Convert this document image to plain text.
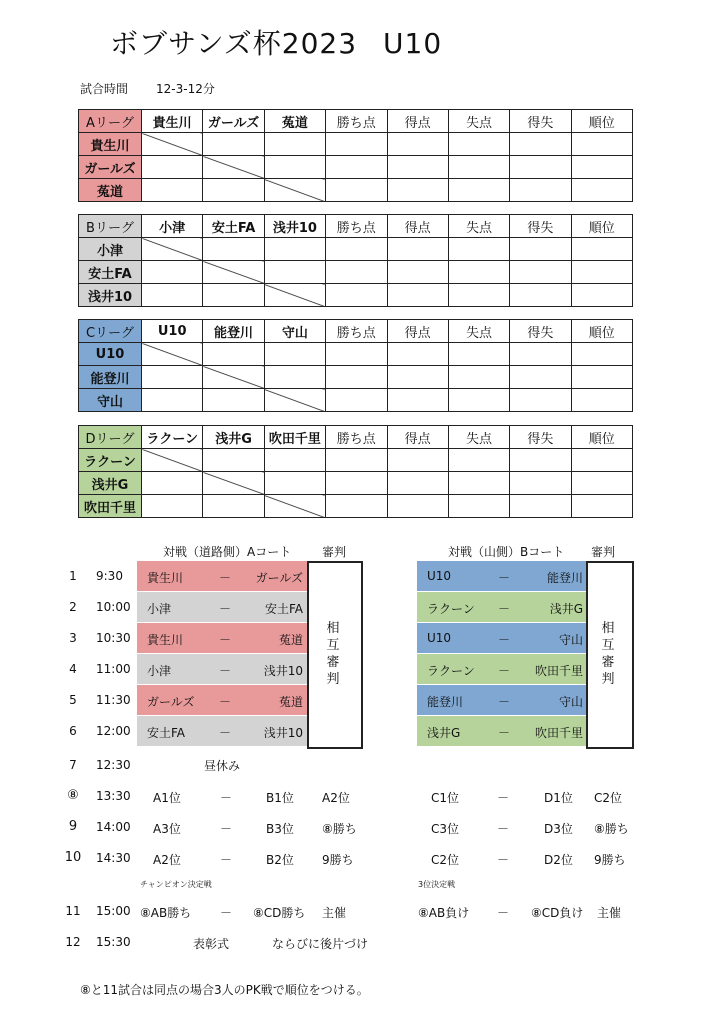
ボブサンズ杯2023 U10
試合時間 12-3-12分
Aリーグ	貴生川	ガールズ	菟道	勝ち点	得点	失点	得失	順位
貴生川								
ガールズ								
菟道								
Bリーグ	小津	安土FA	浅井10	勝ち点	得点	失点	得失	順位
小津								
安土FA								
浅井10								
Cリーグ	U10	能登川	守山	勝ち点	得点	失点	得失	順位
U10								
能登川								
守山								
Dリーグ	ラクーン	浅井G	吹田千里	勝ち点	得点	失点	得失	順位
ラクーン								
浅井G								
吹田千里								
対戦（道路側）Aコート	審判	対戦（山側）Bコート 審判
1	9:30 貴生川	－ ガールズ	U10	－	能登川
2	10:00 小津	－	安土FA	ラクーン －	浅井G
3	10:30 貴生川	－	菟道	U10	－	守山
4	11:00 小津	－	浅井10	ラクーン － 吹田千里
5	11:30 ガールズ －	菟道	能登川	－	守山
6	12:00 安土FA	－	浅井10	浅井G	－ 吹田千里
相
互
審
判
相
互
審
判
7	12:30	昼休み
⑧ 13:30 A1位	－	B1位 A2位	C1位	－	D1位 C2位
9	14:00 A3位	－	B3位 ⑧勝ち	C3位	－	D3位 ⑧勝ち
10 14:30 A2位	－	B2位 9勝ち	C2位	－	D2位 9勝ち
チャンピオン決定戦	3位決定戦
11 15:00 ⑧AB勝ち － ⑧CD勝ち 主催	⑧AB負け － ⑧CD負け 主催
12 15:30	表彰式	ならびに後片づけ
⑧と11試合は同点の場合3人のPK戦で順位をつける。
